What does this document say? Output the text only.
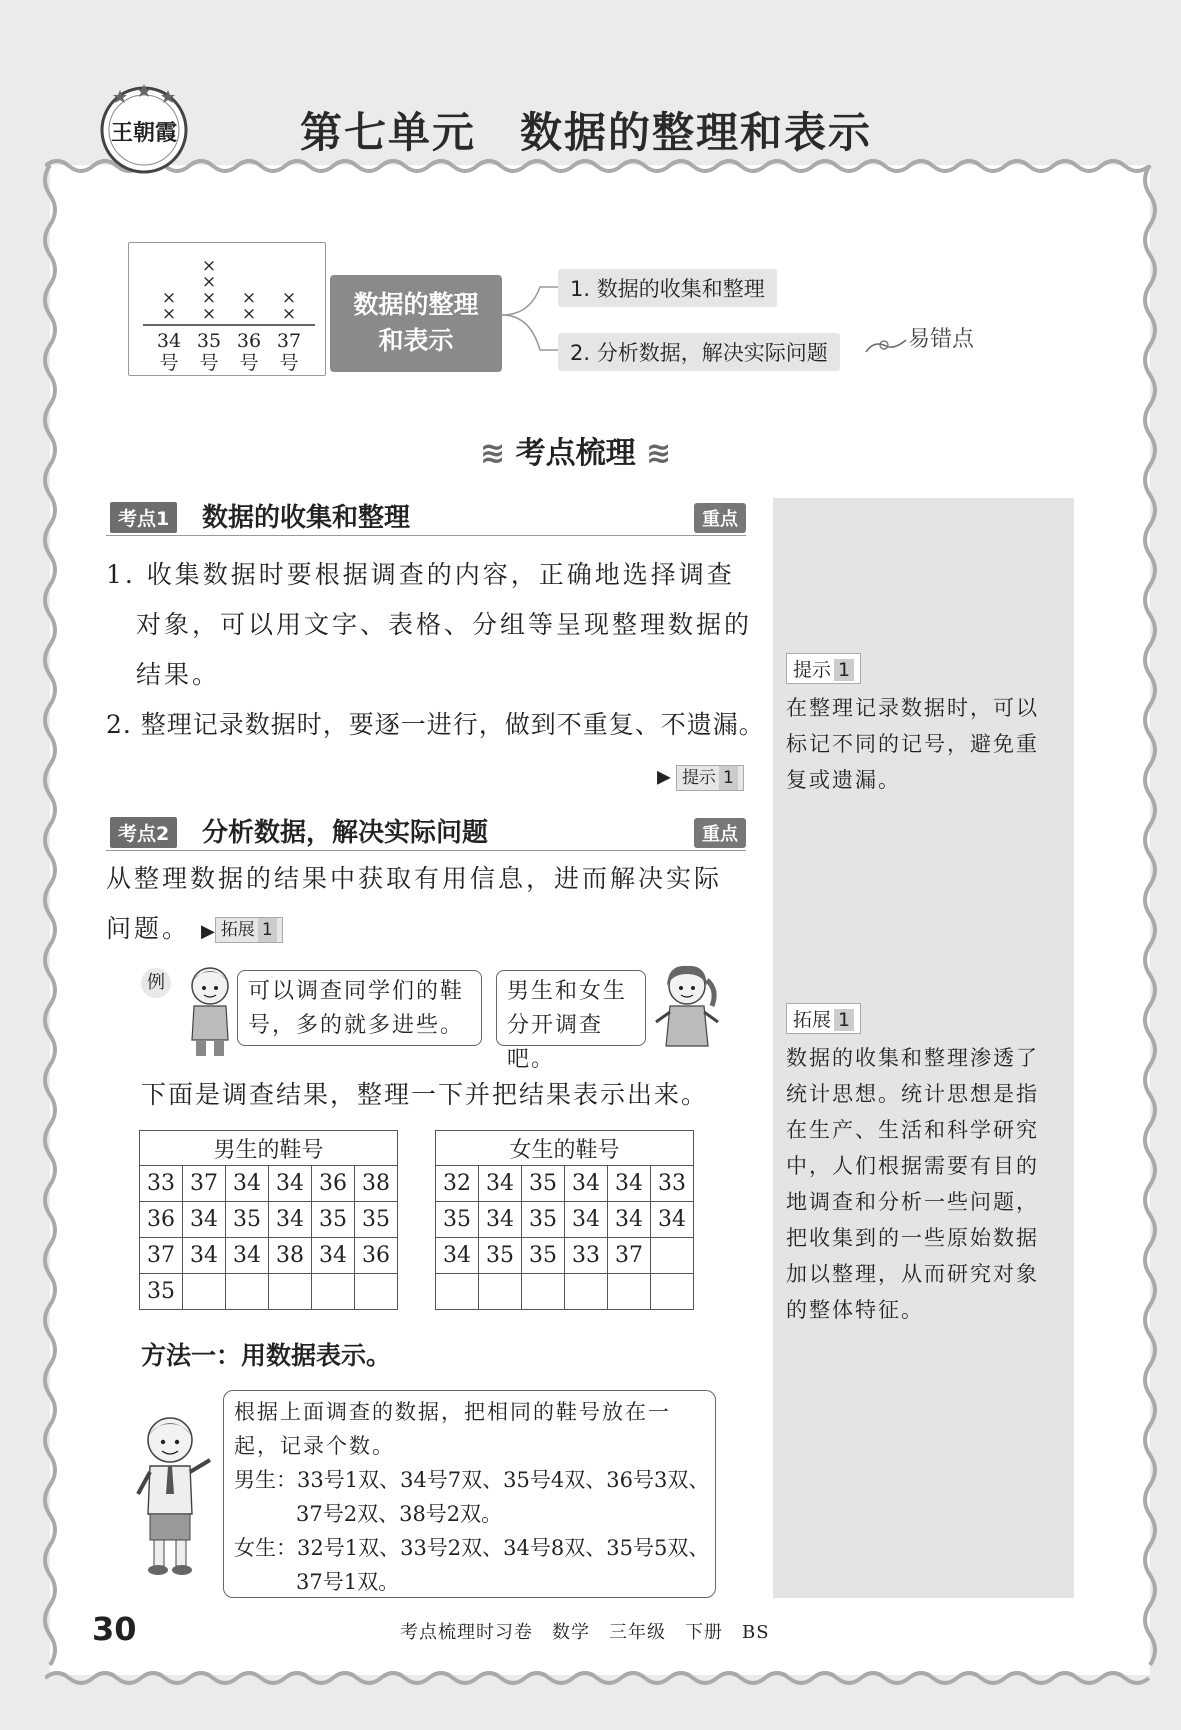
王朝霞	第七单元　数据的整理和表示
×
×
×
×
×
×
×
×
×
×
34
号
35
号
36
号
37
号
数据的整理
和表示
1. 数据的收集和整理
2. 分析数据，解决实际问题
易错点
≋ 考点梳理 ≋
提示 1
在整理记录数据时，可以
标记不同的记号，避免重
复或遗漏。
拓展 1
数据的收集和整理渗透了
统计思想。统计思想是指
在生产、生活和科学研究
中，人们根据需要有目的
地调查和分析一些问题，
把收集到的一些原始数据
加以整理，从而研究对象
的整体特征。
考点1	数据的收集和整理	重点
1. 收集数据时要根据调查的内容，正确地选择调查
对象，可以用文字、表格、分组等呈现整理数据的
结果。
2. 整理记录数据时，要逐一进行，做到不重复、不遗漏。
▶ 提示 1
考点2	分析数据，解决实际问题	重点
从整理数据的结果中获取有用信息，进而解决实际
问题。 ▶ 拓展 1
例	可以调查同学们的鞋号，多的就多进些。
男生和女生分开调查吧。
下面是调查结果，整理一下并把结果表示出来。
男生的鞋号					
33	37	34	34	36	38
36	34	35	34	35	35
37	34	34	38	34	36
35					
女生的鞋号					
32	34	35	34	34	33
35	34	35	34	34	34
34	35	35	33	37	

方法一：用数据表示。
根据上面调查的数据，把相同的鞋号放在一
起，记录个数。
男生：33号1双、34号7双、35号4双、36号3双、
37号2双、38号2双。
女生：32号1双、33号2双、34号8双、35号5双、
37号1双。
30	考点梳理时习卷　数学　三年级　下册　BS
